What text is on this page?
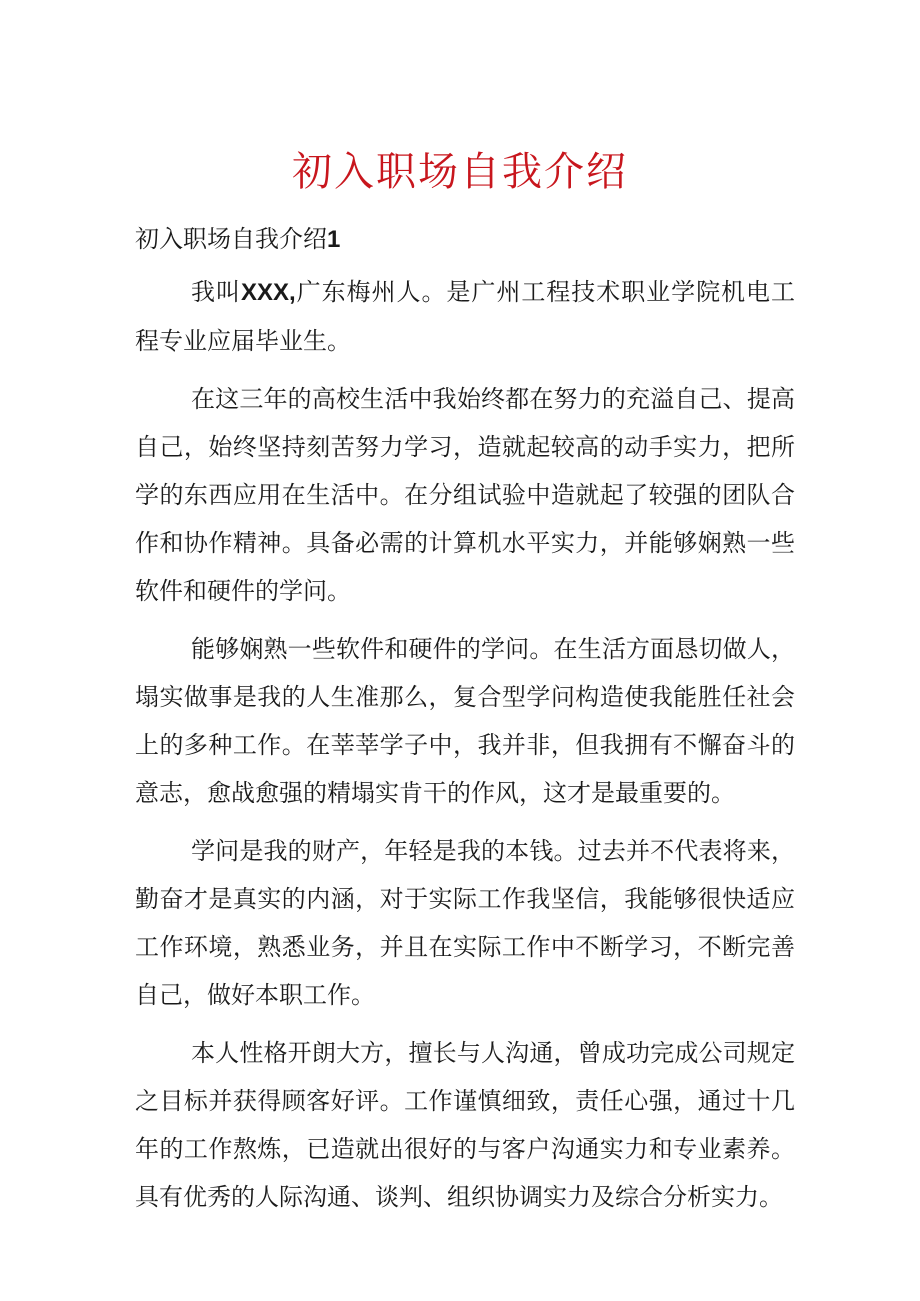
初入职场自我介绍
初入职场自我介绍1

我叫XXX,广东梅州人。是广州工程技术职业学院机电工程专业应届毕业生。

在这三年的高校生活中我始终都在努力的充溢自己、提高自己，始终坚持刻苦努力学习，造就起较高的动手实力，把所学的东西应用在生活中。在分组试验中造就起了较强的团队合作和协作精神。具备必需的计算机水平实力，并能够娴熟一些软件和硬件的学问。

能够娴熟一些软件和硬件的学问。在生活方面恳切做人，塌实做事是我的人生准那么，复合型学问构造使我能胜任社会上的多种工作。在莘莘学子中，我并非，但我拥有不懈奋斗的意志，愈战愈强的精塌实肯干的作风，这才是最重要的。

学问是我的财产，年轻是我的本钱。过去并不代表将来，勤奋才是真实的内涵，对于实际工作我坚信，我能够很快适应工作环境，熟悉业务，并且在实际工作中不断学习，不断完善自己，做好本职工作。

本人性格开朗大方，擅长与人沟通，曾成功完成公司规定之目标并获得顾客好评。工作谨慎细致，责任心强，通过十几年的工作熬炼，已造就出很好的与客户沟通实力和专业素养。具有优秀的人际沟通、谈判、组织协调实力及综合分析实力。
